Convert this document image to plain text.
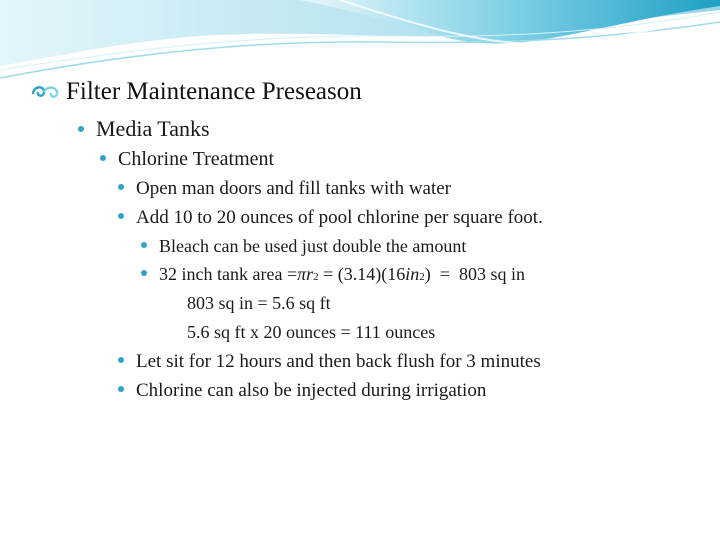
Filter Maintenance Preseason
Media Tanks
Chlorine Treatment
Open man doors and fill tanks with water
Add 10 to 20 ounces of pool chlorine per square foot.
Bleach can be used just double the amount
32 inch tank area = π r 2 = (3.14)(16 in 2 )  =  803 sq in
803 sq in = 5.6 sq ft
5.6 sq ft x 20 ounces = 111 ounces
Let sit for 12 hours and then back flush for 3 minutes
Chlorine can also be injected during irrigation
